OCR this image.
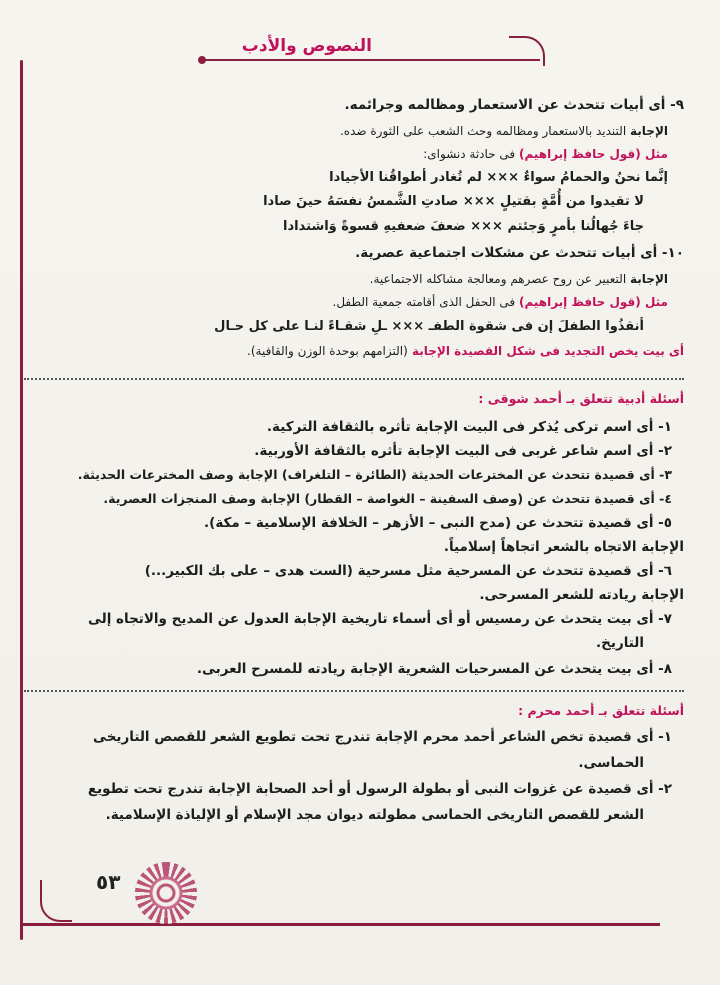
النصوص والأدب
٩- أى أبيات تتحدث عن الاستعمار ومظالمه وجرائمه.
الإجابة التنديد بالاستعمار ومظالمه وحث الشعب على الثورة ضده.
مثل (قول حافظ إبراهيم) فى حادثة دنشواى:
إنَّما نحنُ والحمامُ سواءٌ ××× لم تُغادر أطواقُنا الأجيادا
لا تقيدوا من أُمَّةٍ بقتيلٍ ××× صادتِ الشَّمسُ نفسَهُ حينَ صادا
جاءَ جُهالُنا بأمرٍ وَجئتم ××× ضعفَ ضعفيهِ قسوةً وَاشتدادا
١٠- أى أبيات تتحدث عن مشكلات اجتماعية عصرية.
الإجابة التعبير عن روح عصرهم ومعالجة مشاكله الاجتماعية.
مثل (قول حافظ إبراهيم) فى الحفل الذى أقامته جمعية الطفل.
أنقذُوا الطفلَ إن فى شقوة الطفـ ××× ـلِ شقـاءً لنـا على كل حـال
أى بيت يخص التجديد فى شكل القصيدة الإجابة (التزامهم بوحدة الوزن والقافية).
أسئلة أدبية تتعلق بـ أحمد شوقى :
١- أى اسم تركى يُذكر فى البيت الإجابة تأثره بالثقافة التركية.
٢- أى اسم شاعر غربى فى البيت الإجابة تأثره بالثقافة الأوربية.
٣- أى قصيدة تتحدث عن المخترعات الحديثة (الطائرة – التلغراف) الإجابة وصف المخترعات الحديثة.
٤- أى قصيدة تتحدث عن (وصف السفينة – الغواصة – القطار) الإجابة وصف المنجزات العصرية.
٥- أى قصيدة تتحدث عن (مدح النبى – الأزهر – الخلافة الإسلامية – مكة).
الإجابة الاتجاه بالشعر اتجاهاً إسلامياً.
٦- أى قصيدة تتحدث عن المسرحية مثل مسرحية (الست هدى – على بك الكبير...)
الإجابة ريادته للشعر المسرحى.
٧- أى بيت يتحدث عن رمسيس أو أى أسماء تاريخية الإجابة العدول عن المديح والاتجاه إلى
التاريخ.
٨- أى بيت يتحدث عن المسرحيات الشعرية الإجابة ريادته للمسرح العربى.
أسئلة تتعلق بـ أحمد محرم :
١- أى قصيدة تخص الشاعر أحمد محرم الإجابة تندرج تحت تطويع الشعر للقصص التاريخى
الحماسى.
٢- أى قصيدة عن غزوات النبى أو بطولة الرسول أو أحد الصحابة الإجابة تندرج تحت تطويع
الشعر للقصص التاريخى الحماسى مطولته ديوان مجد الإسلام أو الإلياذة الإسلامية.
٥٣
